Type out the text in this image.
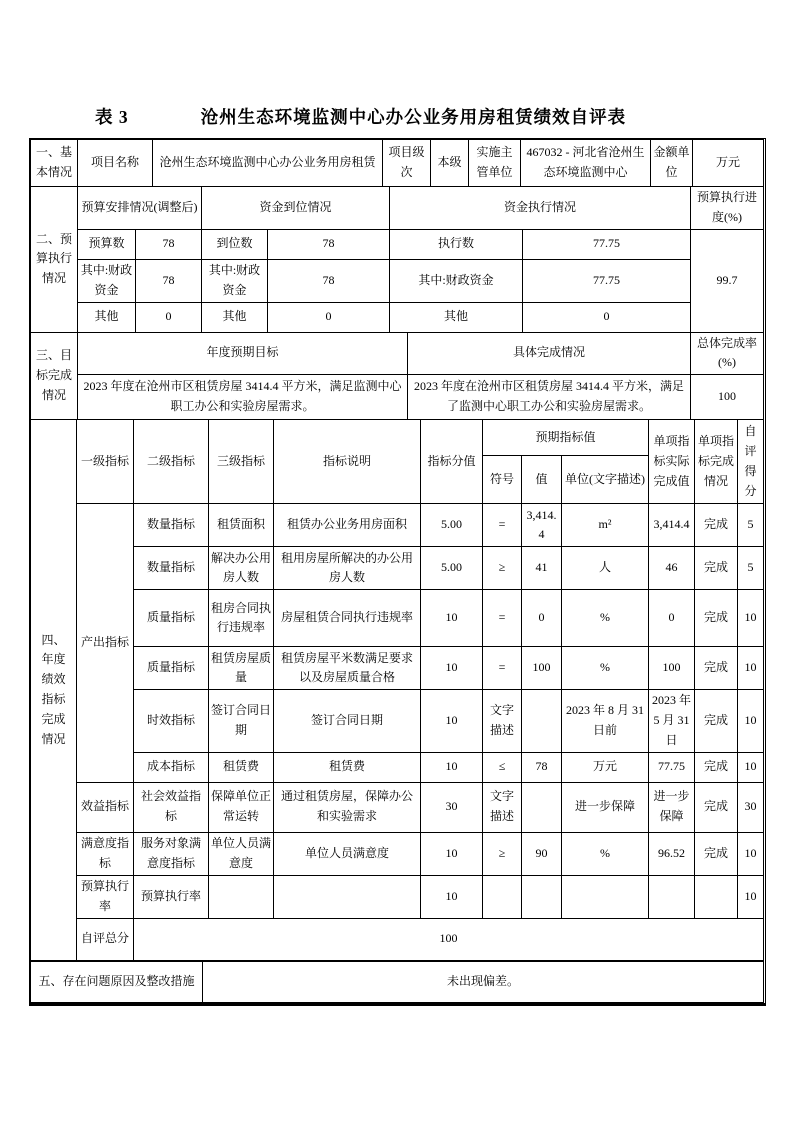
表 3	沧州生态环境监测中心办公业务用房租赁绩效自评表
一、基本情况	项目名称	沧州生态环境监测中心办公业务用房租赁	项目级次	本级	实施主管单位	467032 - 河北省沧州生态环境监测中心	金额单位	万元
二、预算执行情况	预算安排情况(调整后)		资金到位情况		资金执行情况		预算执行进度(%)
	预算数	78	到位数	78	执行数	77.75	99.7
	其中:财政资金	78	其中:财政资金	78	其中:财政资金	77.75	
	其他	0	其他	0	其他	0	
三、目标完成情况	年度预期目标	具体完成情况	总体完成率(%)
	2023 年度在沧州市区租赁房屋 3414.4 平方米，满足监测中心职工办公和实验房屋需求。	2023 年度在沧州市区租赁房屋 3414.4 平方米，满足了监测中心职工办公和实验房屋需求。	100
四、年度绩效指标完成情况	一级指标	二级指标	三级指标	指标说明	指标分值	预期指标值			单项指标实际完成值	单项指标完成情况	自评得分
						符号	值	单位(文字描述)			
	产出指标	数量指标	租赁面积	租赁办公业务用房面积	5.00	=	3,414.4	m²	3,414.4	完成	5
		数量指标	解决办公用房人数	租用房屋所解决的办公用房人数	5.00	≥	41	人	46	完成	5
		质量指标	租房合同执行违规率	房屋租赁合同执行违规率	10	=	0	%	0	完成	10
		质量指标	租赁房屋质量	租赁房屋平米数满足要求以及房屋质量合格	10	=	100	%	100	完成	10
		时效指标	签订合同日期	签订合同日期	10	文字描述		2023 年 8 月 31 日前	2023 年 5 月 31 日	完成	10
		成本指标	租赁费	租赁费	10	≤	78	万元	77.75	完成	10
	效益指标	社会效益指标	保障单位正常运转	通过租赁房屋，保障办公和实验需求	30	文字描述		进一步保障	进一步保障	完成	30
	满意度指标	服务对象满意度指标	单位人员满意度	单位人员满意度	10	≥	90	%	96.52	完成	10
	预算执行率	预算执行率			10						10
	自评总分	100									
五、存在问题原因及整改措施	未出现偏差。
